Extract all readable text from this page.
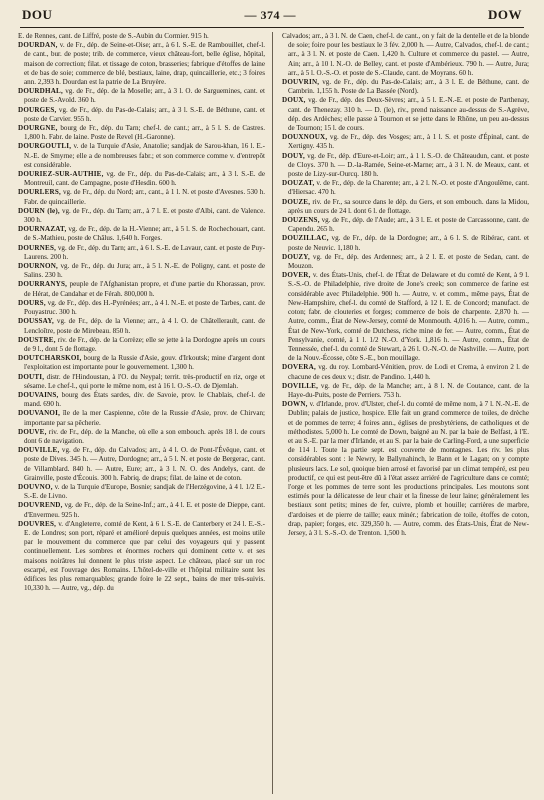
DOU	— 374 —	DOW

E. de Rennes, cant. de Liffré, poste de S.-Aubin du Cormier. 915 h.

DOURDAN, v. de Fr., dép. de Seine-et-Oise; arr., à 6 l. S.-E. de Rambouillet, chef-l. de cant., bur. de poste; trib. de commerce, vieux château-fort, belle église, hôpital, maison de correction; filat. et tissage de coton, brasseries; fabrique d'étoffes de laine et de bas de soie; commerce de blé, bestiaux, laine, drap, quincaillerie, etc.; 3 foires ann. 2,393 h. Dourdan est la patrie de La Bruyère.

DOURDHAL, vg. de Fr., dép. de la Moselle; arr., à 3 l. O. de Sarguemines, cant. et poste de S.-Avold. 360 h.

DOURGES, vg. de Fr., dép. du Pas-de-Calais; arr., à 3 l. S.-E. de Béthune, cant. et poste de Carvier. 955 h.

DOURGNE, bourg de Fr., dép. du Tarn; chef-l. de cant.; arr., à 5 l. S. de Castres. 1,800 h. Fabr. de laine. Poste de Revel (H.-Garonne).

DOURGOUTLI, v. de la Turquie d'Asie, Anatolie; sandjak de Sarou-khan, 16 l. E.-N.-E. de Smyrne; elle a de nombreuses fabr.; et son commerce comme v. d'entrepôt est considérable.

DOURIEZ-SUR-AUTHIE, vg. de Fr., dép. du Pas-de-Calais; arr., à 3 l. S.-E. de Montreuil, cant. de Campagne, poste d'Hesdin. 600 h.

DOURLERS, vg. de Fr., dép. du Nord; arr., cant., à 1 l. N. et poste d'Avesnes. 530 h. Fabr. de quincaillerie.

DOURN (le), vg. de Fr., dép. du Tarn; arr., à 7 l. E. et poste d'Albi, cant. de Valence. 300 h.

DOURNAZAT, vg. de Fr., dép. de la H.-Vienne; arr., à 5 l. S. de Rochechouart, cant. de S.-Mathieu, poste de Châlus. 1,640 h. Forges.

DOURNES, vg. de Fr., dép. du Tarn; arr., à 6 l. S.-E. de Lavaur, cant. et poste de Puy-Laurens. 200 h.

DOURNON, vg. de Fr., dép. du Jura; arr., à 5 l. N.-E. de Poligny, cant. et poste de Salins. 230 h.

DOURRANYS, peuple de l'Afghanistan propre, et d'une partie du Khorassan, prov. de Hérat, de Candahar et de Férah. 800,000 h.

DOURS, vg. de Fr., dép. des H.-Pyrénées; arr., à 4 l. N.-E. et poste de Tarbes, cant. de Pouyastruc. 300 h.

DOUSSAY, vg. de Fr., dép. de la Vienne; arr., à 4 l. O. de Châtellerault, cant. de Lencloître, poste de Mirebeau. 850 h.

DOUSTRE, riv. de Fr., dép. de la Corrèze; elle se jette à la Dordogne après un cours de 9 l., dont 5 de flottage.

DOUTCHARSKOI, bourg de la Russie d'Asie, gouv. d'Irkoutsk; mine d'argent dont l'exploitation est importante pour le gouvernement. 1,300 h.

DOUTI, distr. de l'Hindoustan, à l'O. du Neypal; territ. très-productif en riz, orge et sésame. Le chef-l., qui porte le même nom, est à 16 l. O.-S.-O. de Djemlah.

DOUVAINS, bourg des États sardes, div. de Savoie, prov. le Chablais, chef-l. de mand. 690 h.

DOUVANOI, île de la mer Caspienne, côte de la Russie d'Asie, prov. de Chirvan; importante par sa pêcherie.

DOUVE, riv. de Fr., dép. de la Manche, où elle a son embouch. après 18 l. de cours dont 6 de navigation.

DOUVILLE, vg. de Fr., dép. du Calvados; arr., à 4 l. O. de Pont-l'Évêque, cant. et poste de Dives. 345 h. — Autre, Dordogne; arr., à 5 l. N. et poste de Bergerac, cant. de Villamblard. 840 h. — Autre, Eure; arr., à 3 l. N. O. des Andelys, cant. de Grainville, poste d'Écouis. 300 h. Fabriq. de draps; filat. de laine et de coton.

DOUVNO, v. de la Turquie d'Europe, Bosnie; sandjak de l'Herzégovine, à 4 l. 1/2 E.-S.-E. de Livno.

DOUVREND, vg. de Fr., dép. de la Seine-Inf.; arr., à 4 l. E. et poste de Dieppe, cant. d'Envermeu. 925 h.

DOUVRES, v. d'Angleterre, comté de Kent, à 6 l. S.-E. de Canterbery et 24 l. E.-S.-E. de Londres; son port, réparé et amélioré depuis quelques années, est moins utile par le mouvement du commerce que par celui des voyageurs qui y passent continuellement. Les sombres et énormes rochers qui dominent cette v. et ses maisons noirâtres lui donnent le plus triste aspect. Le château, placé sur un roc escarpé, est l'ouvrage des Romains. L'hôtel-de-ville et l'hôpital militaire sont les édifices les plus remarquables; grande foire le 22 sept., bains de mer très-suivis. 10,330 h. — Autre, vg., dép. du

Calvados; arr., à 3 l. N. de Caen, chef-l. de cant., on y fait de la dentelle et de la blonde de soie; foire pour les bestiaux le 3 fév. 2,000 h. — Autre, Calvados, chef-l. de cant.; arr., à 3 l. N. et poste de Caen. 1,420 h. Culture et commerce du pastel. — Autre, Ain; arr., à 10 l. N.-O. de Belley, cant. et poste d'Ambérieux. 790 h. — Autre, Jura; arr., à 5 l. O.-S.-O. et poste de S.-Claude, cant. de Moyrans. 60 h.

DOUVRIN, vg. de Fr., dép. du Pas-de-Calais; arr., à 3 l. E. de Béthune, cant. de Cambrin. 1,155 h. Poste de La Bassée (Nord).

DOUX, vg. de Fr., dép. des Deux-Sèvres; arr., à 5 l. E.-N.-E. et poste de Parthenay, cant. de Thenezay. 310 h. — D. (le), riv., prend naissance au-dessus de S.-Agrève, dép. des Ardèches; elle passe à Tournon et se jette dans le Rhône, un peu au-dessus de Tournon; 15 l. de cours.

DOUXNOUX, vg. de Fr., dép. des Vosges; arr., à 1 l. S. et poste d'Épinal, cant. de Xertigny. 435 h.

DOUY, vg. de Fr., dép. d'Eure-et-Loir; arr., à 1 l. S.-O. de Châteaudun, cant. et poste de Cloys. 370 h. — D.-la-Ramée, Seine-et-Marne; arr., à 3 l. N. de Meaux, cant. et poste de Lizy-sur-Ourcq. 180 h.

DOUZAT, v. de Fr., dép. de la Charente; arr., à 2 l. N.-O. et poste d'Angoulême, cant. d'Hiersac. 470 h.

DOUZE, riv. de Fr., sa source dans le dép. du Gers, et son embouch. dans la Midou, après un cours de 24 l. dont 6 l. de flottage.

DOUZENS, vg. de Fr., dép. de l'Aude; arr., à 3 l. E. et poste de Carcassonne, cant. de Capendu. 265 h.

DOUZILLAC, vg. de Fr., dép. de la Dordogne; arr., à 6 l. S. de Ribérac, cant. et poste de Neuvic. 1,180 h.

DOUZY, vg. de Fr., dép. des Ardennes; arr., à 2 l. E. et poste de Sedan, cant. de Mouzon.

DOVER, v. des États-Unis, chef-l. de l'État de Delaware et du comté de Kent, à 9 l. S.-S.-O. de Philadelphie, rive droite de Jone's creek; son commerce de farine est considérable avec Philadelphie. 900 h. — Autre, v. et comm., même pays, État de New-Hampshire, chef-l. du comté de Stafford, à 12 l. E. de Concord; manufact. de coton; fabr. de clouteries et forges; commerce de bois de charpente. 2,870 h. — Autre, comm., État de New-Jersey, comté de Monmouth. 4,016 h. — Autre, comm., État de New-York, comté de Dutchess, riche mine de fer. — Autre, comm., État de Pensylvanie, comté, à 1 l. 1/2 N.-O. d'York. 1,816 h. — Autre, comm., État de Tennessée, chef-l. du comté de Stewart, à 26 l. O.-N.-O. de Nashville. — Autre, port de la Nouv.-Écosse, côte S.-E., bon mouillage.

DOVERA, vg. du roy. Lombard-Vénitien, prov. de Lodi et Crema, à environ 2 l. de chacune de ces deux v.; distr. de Pandino. 1,440 h.

DOVILLE, vg. de Fr., dép. de la Manche; arr., à 8 l. N. de Coutance, cant. de la Haye-du-Puits, poste de Perriers. 753 h.

DOWN, v. d'Irlande, prov. d'Ulster, chef-l. du comté de même nom, à 7 l. N.-N.-E. de Dublin; palais de justice, hospice. Elle fait un grand commerce de toiles, de drèche et de pommes de terre; 4 foires ann., églises de presbytériens, de catholiques et de méthodistes. 5,000 h. Le comté de Down, baigné au N. par la baie de Belfast, à l'E. et au S.-E. par la mer d'Irlande, et au S. par la baie de Carling-Ford, a une superficie de 114 l. Toute la partie sept. est couverte de montagnes. Les riv. les plus considérables sont : le Newry, le Ballynahinch, le Bann et le Lagan; on y compte plusieurs lacs. Le sol, quoique bien arrosé et favorisé par un climat tempéré, est peu productif, ce qui est peut-être dû à l'état assez arriéré de l'agriculture dans ce comté; l'orge et les pommes de terre sont les productions principales. Les moutons sont estimés pour la délicatesse de leur chair et la finesse de leur laine; généralement les bestiaux sont petits; mines de fer, cuivre, plomb et houille; carrières de marbre, d'ardoises et de pierre de taille; eaux minér.; fabrication de toile, étoffes de coton, drap, papier; forges, etc. 329,350 h. — Autre, comm. des États-Unis, État de New-Jersey, à 3 l. S.-S.-O. de Trenton. 1,500 h.
